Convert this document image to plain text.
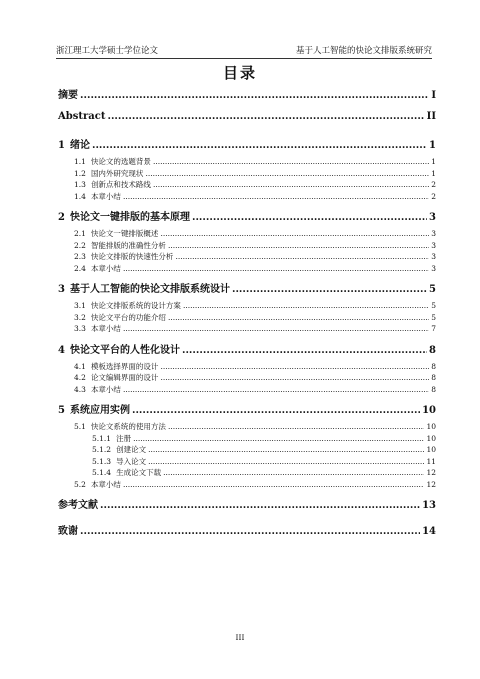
浙江理工大学硕士学位论文	基于人工智能的快论文排版系统研究
目录
摘要 .....	I
Abstract .....	II
1 绪论 .....	1
1.1 快论文的选题背景 .....	1
1.2 国内外研究现状 .....	1
1.3 创新点和技术路线 .....	2
1.4 本章小结 .....	2
2 快论文一键排版的基本原理 .....	3
2.1 快论文一键排版概述 .....	3
2.2 智能排版的准确性分析 .....	3
2.3 快论文排版的快速性分析 .....	3
2.4 本章小结 .....	3
3 基于人工智能的快论文排版系统设计 .....	5
3.1 快论文排版系统的设计方案 .....	5
3.2 快论文平台的功能介绍 .....	5
3.3 本章小结 .....	7
4 快论文平台的人性化设计 .....	8
4.1 模板选择界面的设计 .....	8
4.2 论文编辑界面的设计 .....	8
4.3 本章小结 .....	8
5 系统应用实例 .....	10
5.1 快论文系统的使用方法 .....	10
5.1.1 注册 .....	10
5.1.2 创建论文 .....	10
5.1.3 导入论文 .....	11
5.1.4 生成论文下载 .....	12
5.2 本章小结 .....	12
参考文献 .....	13
致谢 .....	14
III
